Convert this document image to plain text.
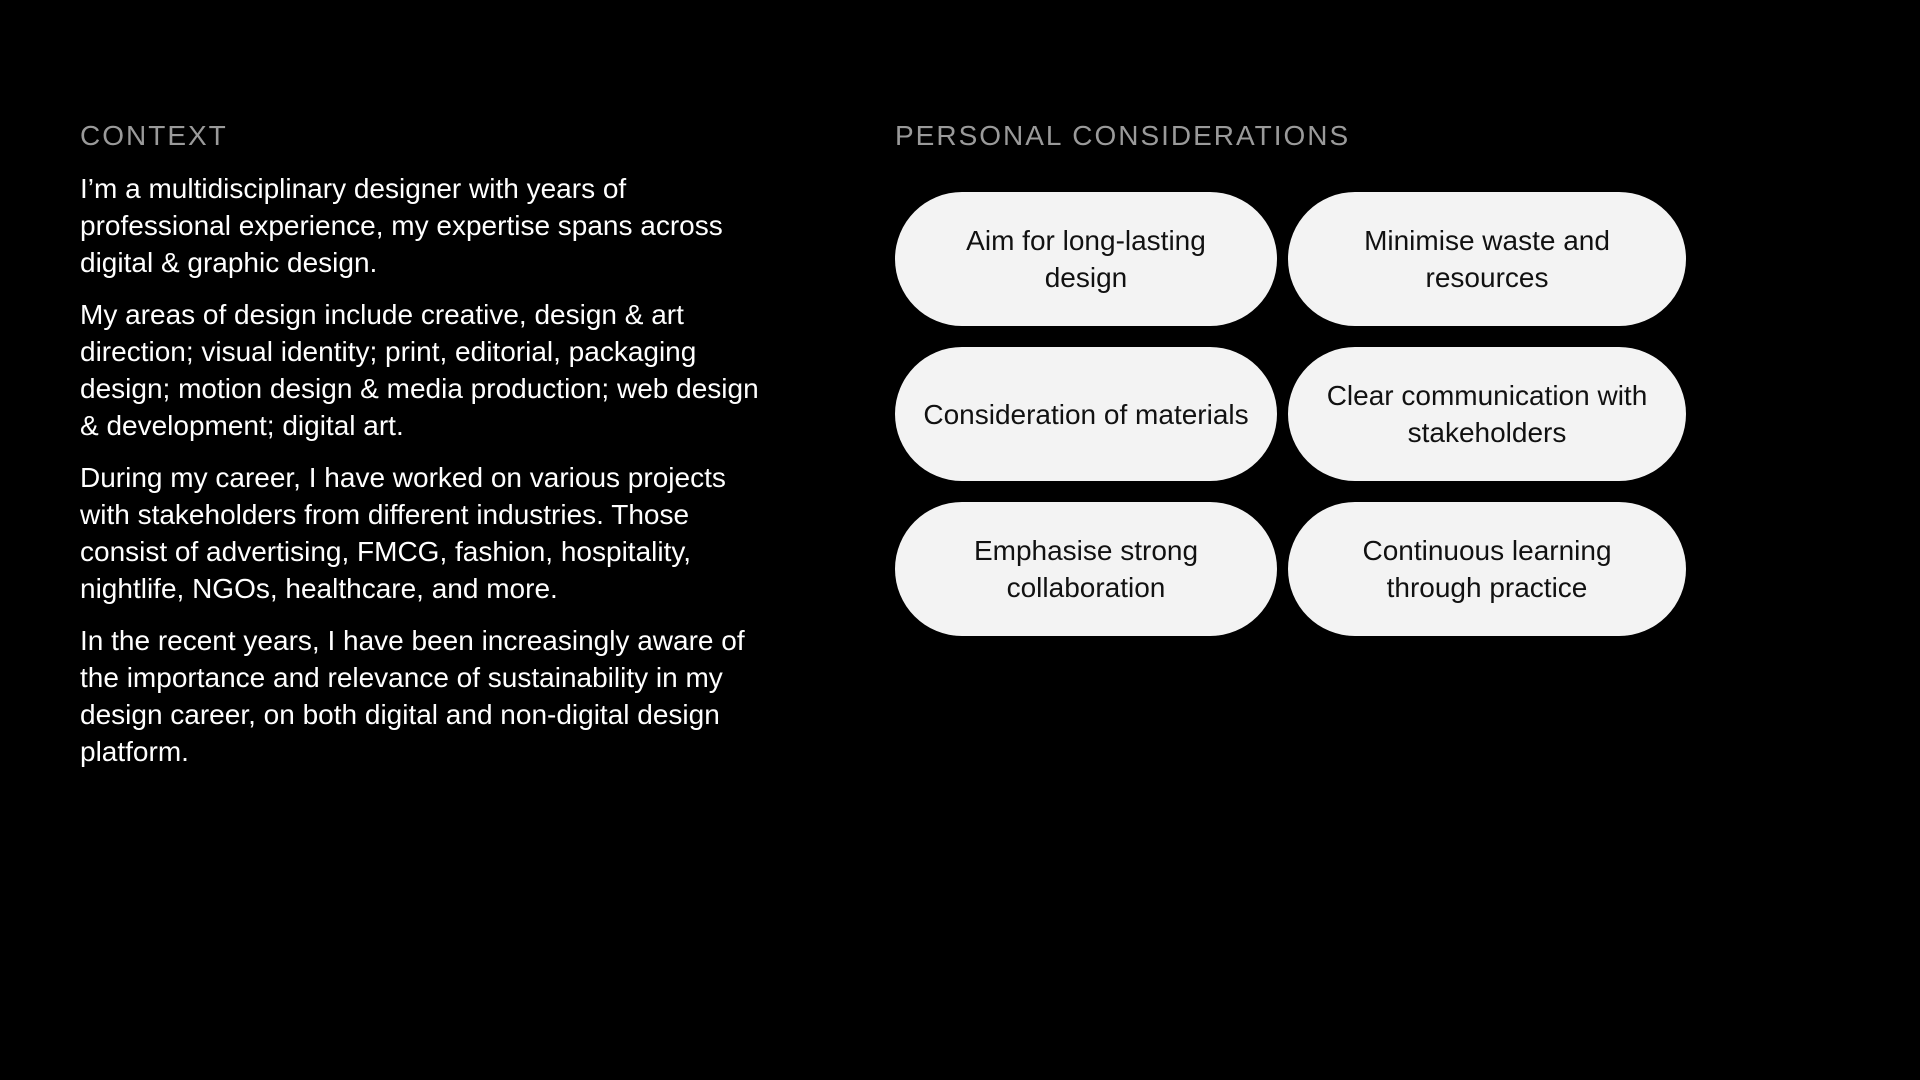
CONTEXT

I’m a multidisciplinary designer with years of professional experience, my expertise spans across digital & graphic design.

My areas of design include creative, design & art direction; visual identity; print, editorial, packaging design; motion design & media production; web design & development; digital art.

During my career, I have worked on various projects with stakeholders from different industries. Those consist of advertising, FMCG, fashion, hospitality, nightlife, NGOs, healthcare, and more.

In the recent years, I have been increasingly aware of the importance and relevance of sustainability in my design career, on both digital and non-digital design platform.

PERSONAL CONSIDERATIONS
Aim for long-lasting design
Minimise waste and resources
Consideration of materials
Clear communication with stakeholders
Emphasise strong collaboration
Continuous learning through practice
